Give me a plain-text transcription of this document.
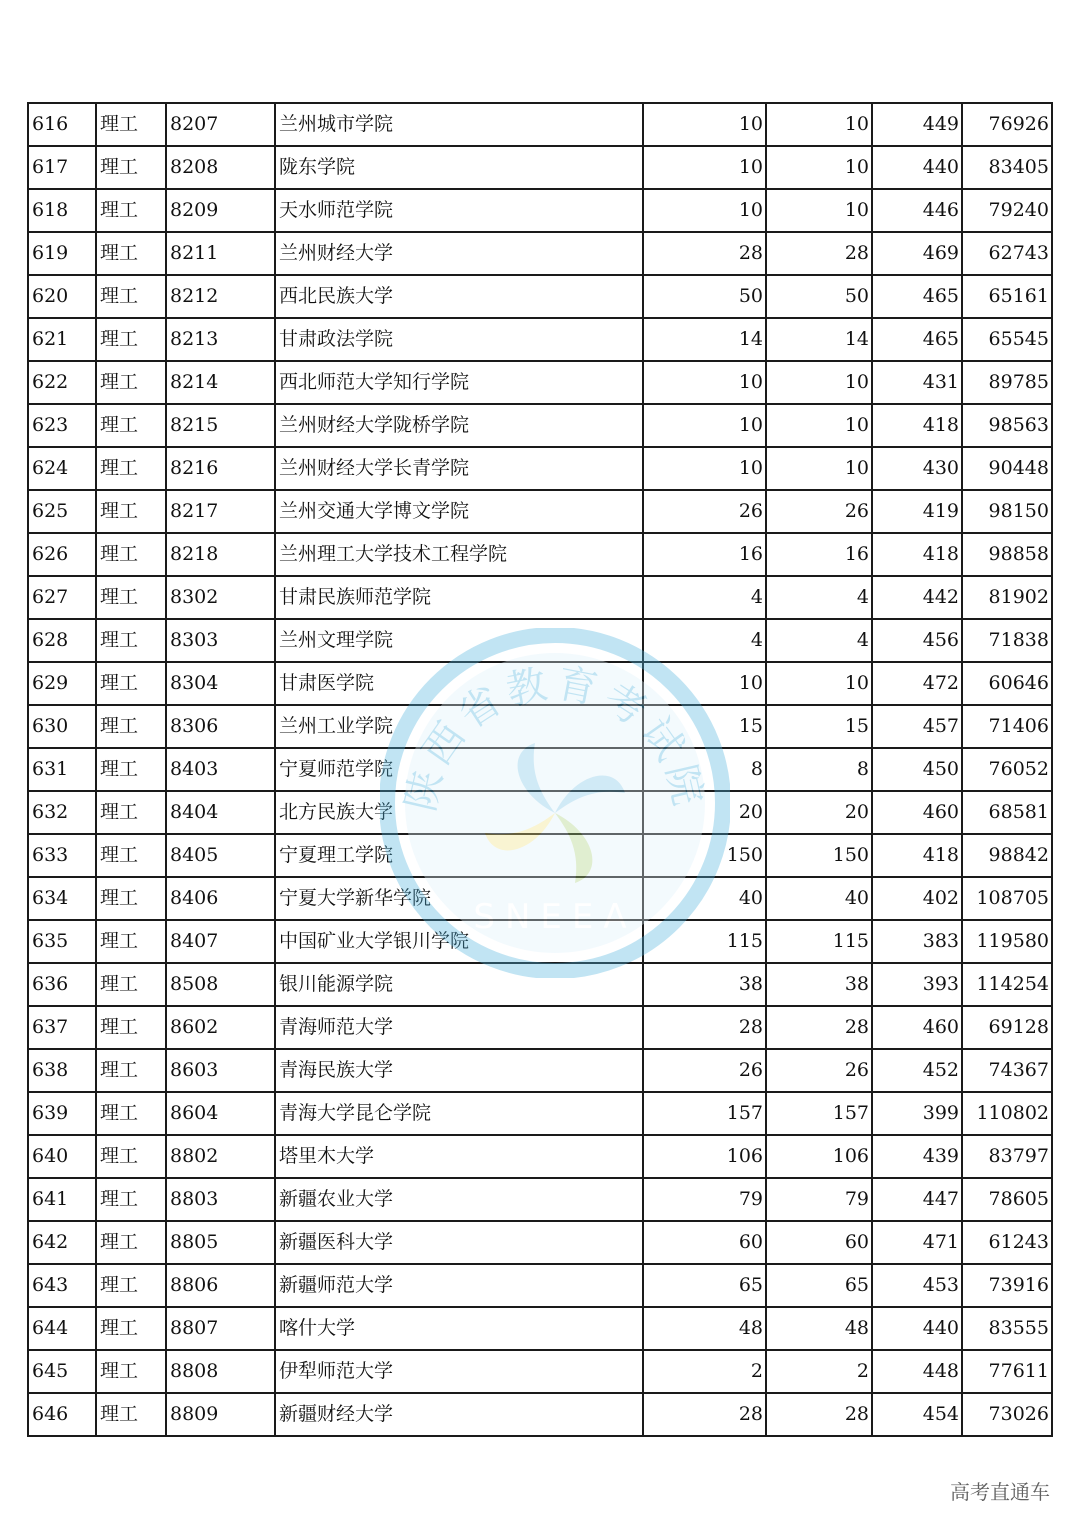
616	理工	8207	兰州城市学院	10	10	449	76926
617	理工	8208	陇东学院	10	10	440	83405
618	理工	8209	天水师范学院	10	10	446	79240
619	理工	8211	兰州财经大学	28	28	469	62743
620	理工	8212	西北民族大学	50	50	465	65161
621	理工	8213	甘肃政法学院	14	14	465	65545
622	理工	8214	西北师范大学知行学院	10	10	431	89785
623	理工	8215	兰州财经大学陇桥学院	10	10	418	98563
624	理工	8216	兰州财经大学长青学院	10	10	430	90448
625	理工	8217	兰州交通大学博文学院	26	26	419	98150
626	理工	8218	兰州理工大学技术工程学院	16	16	418	98858
627	理工	8302	甘肃民族师范学院	4	4	442	81902
628	理工	8303	兰州文理学院	4	4	456	71838
629	理工	8304	甘肃医学院	10	10	472	60646
630	理工	8306	兰州工业学院	15	15	457	71406
631	理工	8403	宁夏师范学院	8	8	450	76052
632	理工	8404	北方民族大学	20	20	460	68581
633	理工	8405	宁夏理工学院	150	150	418	98842
634	理工	8406	宁夏大学新华学院	40	40	402	108705
635	理工	8407	中国矿业大学银川学院	115	115	383	119580
636	理工	8508	银川能源学院	38	38	393	114254
637	理工	8602	青海师范大学	28	28	460	69128
638	理工	8603	青海民族大学	26	26	452	74367
639	理工	8604	青海大学昆仑学院	157	157	399	110802
640	理工	8802	塔里木大学	106	106	439	83797
641	理工	8803	新疆农业大学	79	79	447	78605
642	理工	8805	新疆医科大学	60	60	471	61243
643	理工	8806	新疆师范大学	65	65	453	73916
644	理工	8807	喀什大学	48	48	440	83555
645	理工	8808	伊犁师范大学	2	2	448	77611
646	理工	8809	新疆财经大学	28	28	454	73026
陕西省教育考试院
SNEEA
高考直通车
